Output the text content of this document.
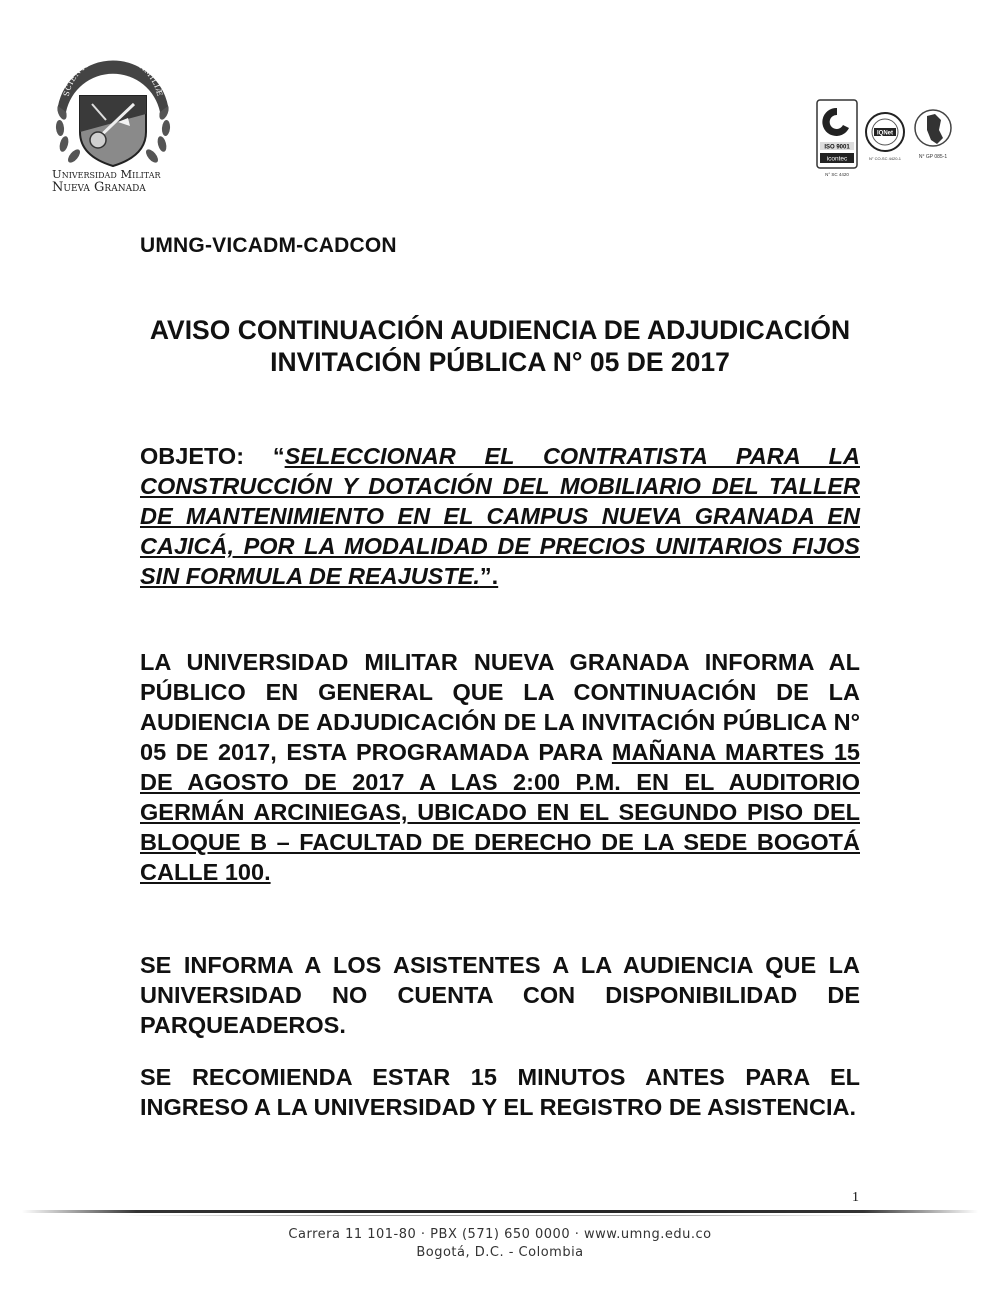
SCIENTIÆ PATRIÆ FAMILIÆ
Universidad Militar
Nueva Granada
ISO 9001
icontec
N° SC 4420
IQNet
N° CO-SC 4420-1	N° GP 085-1
UMNG-VICADM-CADCON
AVISO CONTINUACIÓN AUDIENCIA DE ADJUDICACIÓN INVITACIÓN PÚBLICA N° 05 DE 2017
OBJETO: “SELECCIONAR EL CONTRATISTA PARA LA CONSTRUCCIÓN Y DOTACIÓN DEL MOBILIARIO DEL TALLER DE MANTENIMIENTO EN EL CAMPUS NUEVA GRANADA EN CAJICÁ, POR LA MODALIDAD DE PRECIOS UNITARIOS FIJOS SIN FORMULA DE REAJUSTE.”.
LA UNIVERSIDAD MILITAR NUEVA GRANADA INFORMA AL PÚBLICO EN GENERAL QUE LA CONTINUACIÓN DE LA AUDIENCIA DE ADJUDICACIÓN DE LA INVITACIÓN PÚBLICA N° 05 DE 2017, ESTA PROGRAMADA PARA MAÑANA MARTES 15 DE AGOSTO DE 2017 A LAS 2:00 P.M. EN EL AUDITORIO GERMÁN ARCINIEGAS, UBICADO EN EL SEGUNDO PISO DEL BLOQUE B – FACULTAD DE DERECHO DE LA SEDE BOGOTÁ CALLE 100.
SE INFORMA A LOS ASISTENTES A LA AUDIENCIA QUE LA UNIVERSIDAD NO CUENTA CON DISPONIBILIDAD DE PARQUEADEROS.
SE RECOMIENDA ESTAR 15 MINUTOS ANTES PARA EL INGRESO A LA UNIVERSIDAD Y EL REGISTRO DE ASISTENCIA.
1
Carrera 11 101-80 · PBX (571) 650 0000 · www.umng.edu.co
Bogotá, D.C. - Colombia
